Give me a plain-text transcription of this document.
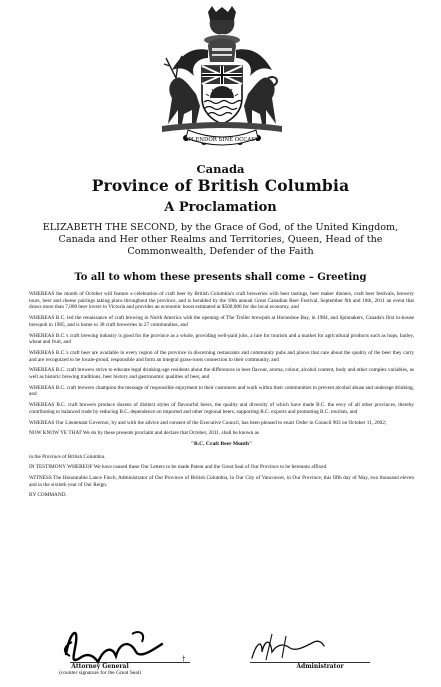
SPLENDOR SINE OCCASU
Canada
Province of British Columbia
A Proclamation
ELIZABETH THE SECOND, by the Grace of God, of the United Kingdom, Canada and Her other Realms and Territories, Queen, Head of the Commonwealth, Defender of the Faith
To all to whom these presents shall come – Greeting

WHEREAS the month of October will feature a celebration of craft beer by British Columbia's craft breweries with beer tastings, beer maker dinners, craft beer festivals, brewery tours, beer and cheese pairings taking place throughout the province, and is heralded by the 18th annual Great Canadian Beer Festival, September 9th and 10th, 2011 an event that draws more than 7,000 beer lovers to Victoria and provides an economic boost estimated at $500,000 for the local economy, and

WHEREAS B.C. led the renaissance of craft brewing in North America with the opening of The Troller brewpub at Horseshoe Bay, in 1984, and Spinnakers, Canada's first in-house brewpub in 1985, and is home to 38 craft breweries in 27 communities, and

WHEREAS B.C.'s craft brewing industry is good for the province as a whole, providing well-paid jobs, a lure for tourism and a market for agricultural products such as hops, barley, wheat and fruit, and

WHEREAS B.C.'s craft beer are available in every region of the province in discerning restaurants and community pubs and places that care about the quality of the beer they carry and are recognized to be locale-proud, responsible and form an integral grass-roots connection to their community, and

WHEREAS B.C. craft brewers strive to educate legal drinking-age residents about the differences in beer flavour, aroma, colour, alcohol content, body and other complex variables, as well as historic brewing traditions, beer history and gastronomic qualities of beer, and

WHEREAS B.C. craft brewers champion the message of responsible enjoyment to their customers and work within their communities to prevent alcohol abuse and underage drinking, and

WHEREAS B.C. craft brewers produce dozens of distinct styles of flavourful beers, the quality and diversity of which have made B.C. the envy of all other provinces, thereby contributing to balanced trade by reducing B.C. dependence on imported and other regional beers, supporting B.C. exports and promoting B.C. tourism, and

WHEREAS Our Lieutenant Governor, by and with the advice and consent of the Executive Council, has been pleased to enact Order in Council 903 on October 11, 2002;

NOW KNOW YE THAT We do by these presents proclaim and declare that October, 2011, shall be known as

"B.C. Craft Beer Month"

in the Province of British Columbia.

IN TESTIMONY WHEREOF We have caused these Our Letters to be made Patent and the Great Seal of Our Province to be hereunto affixed.

WITNESS The Honourable Lance Finch, Administrator of Our Province of British Columbia, in Our City of Vancouver, in Our Province, this fifth day of May, two thousand eleven and in the sixtieth year of Our Reign.

BY COMMAND.

Attorney General
(counter signature for the Great Seal)
†
Administrator
